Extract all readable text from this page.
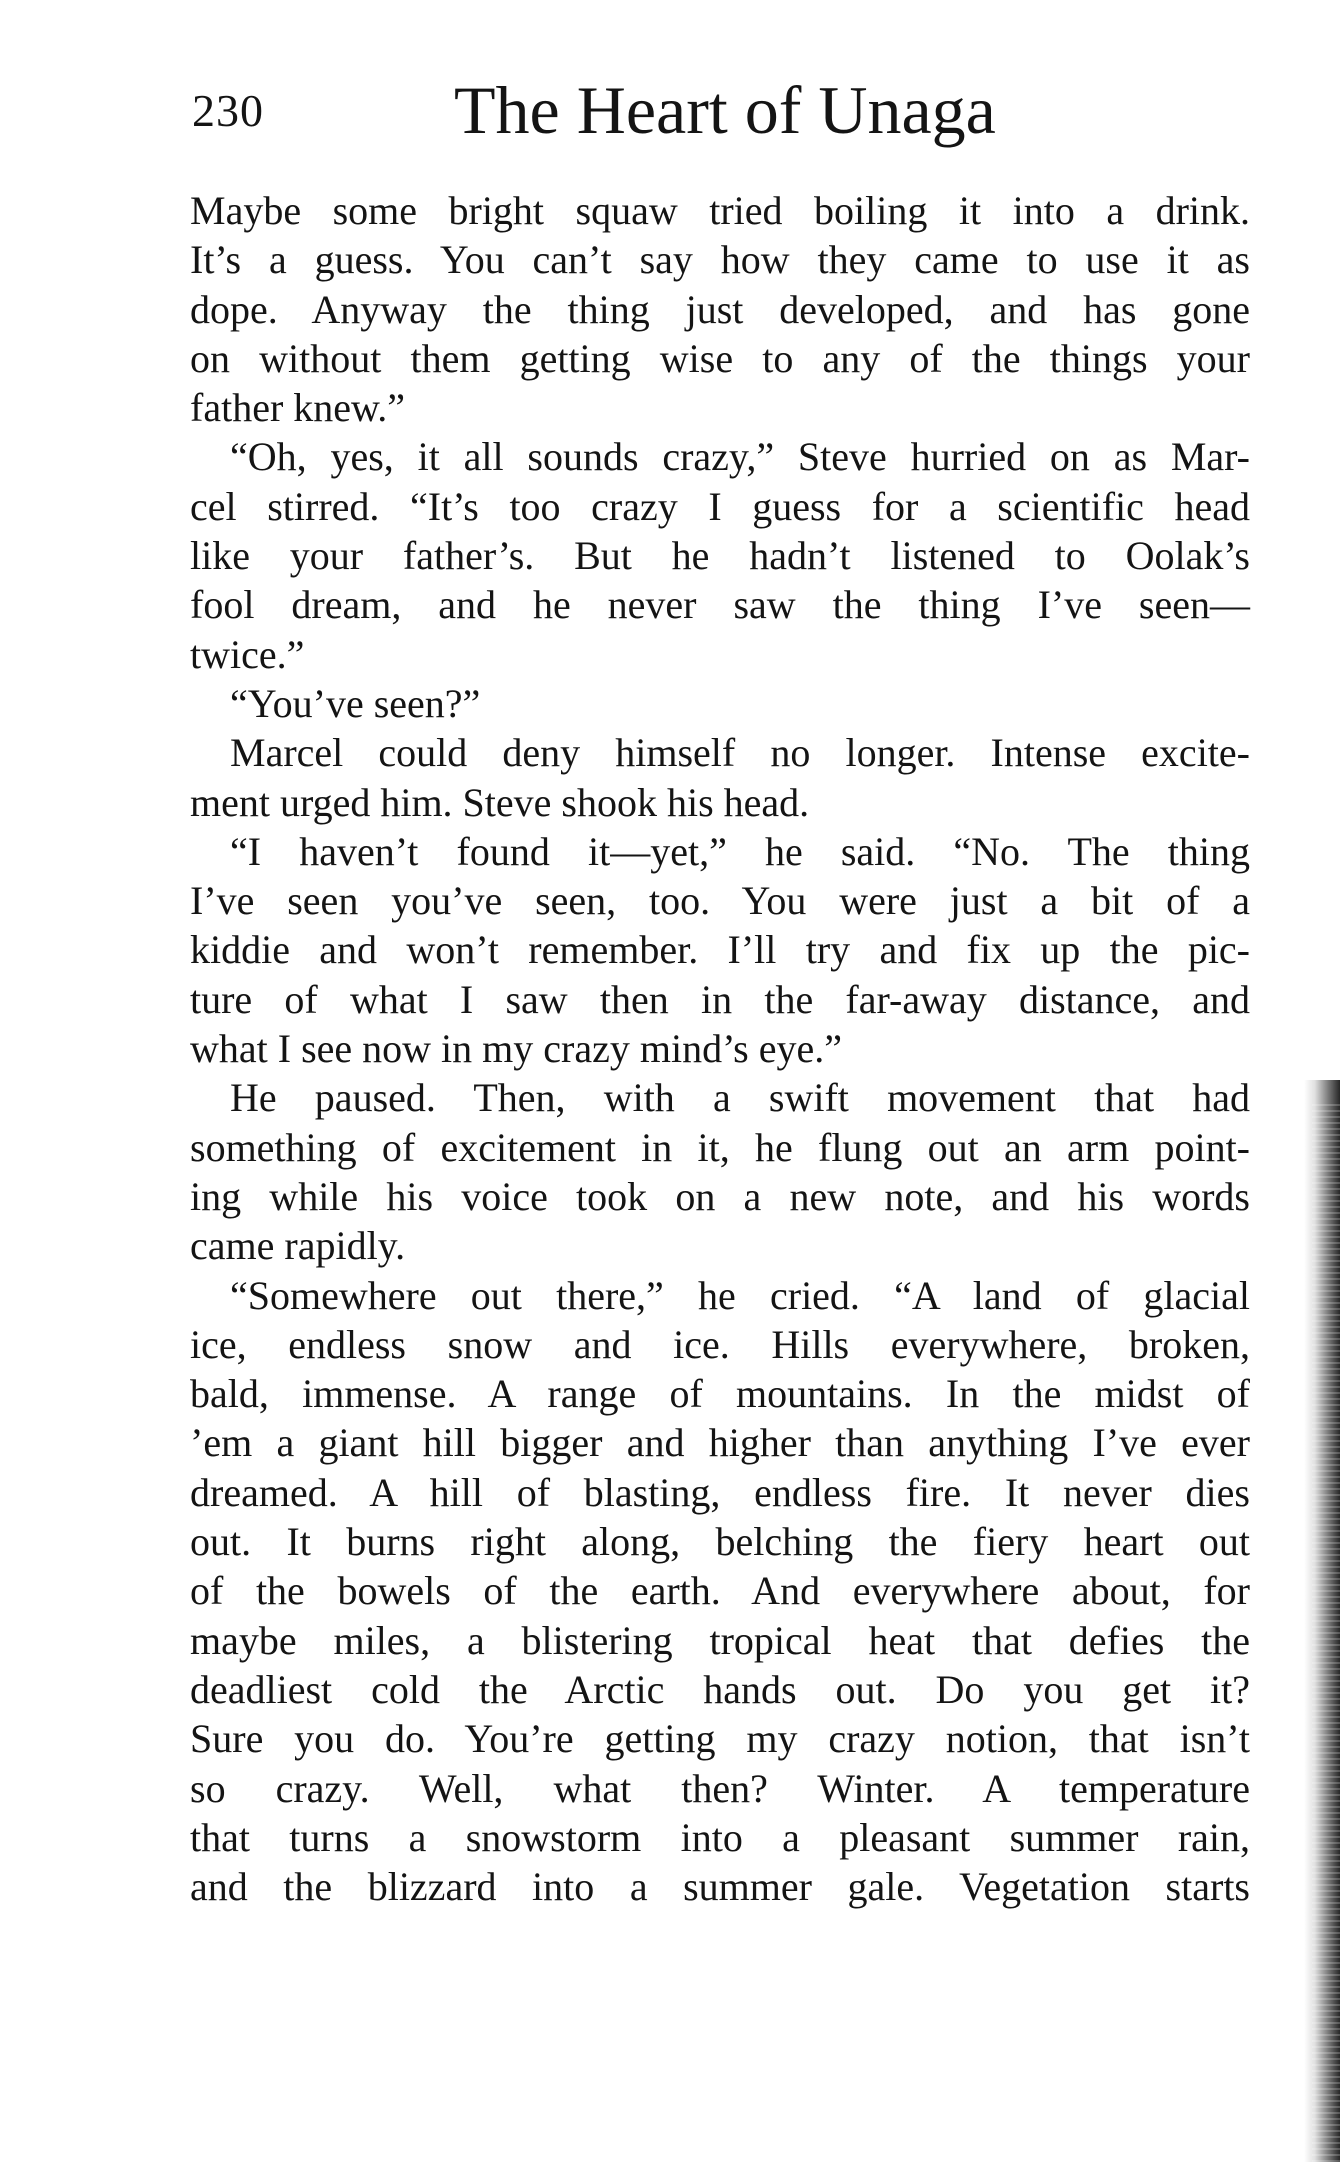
230	The Heart of Unaga
Maybe some bright squaw tried boiling it into a drink.
It’s a guess. You can’t say how they came to use it as
dope. Anyway the thing just developed, and has gone
on without them getting wise to any of the things your
father knew.”
“Oh, yes, it all sounds crazy,” Steve hurried on as Mar-
cel stirred. “It’s too crazy I guess for a scientific head
like your father’s. But he hadn’t listened to Oolak’s
fool dream, and he never saw the thing I’ve seen—
twice.”
“You’ve seen?”
Marcel could deny himself no longer. Intense excite-
ment urged him. Steve shook his head.
“I haven’t found it—yet,” he said. “No. The thing
I’ve seen you’ve seen, too. You were just a bit of a
kiddie and won’t remember. I’ll try and fix up the pic-
ture of what I saw then in the far-away distance, and
what I see now in my crazy mind’s eye.”
He paused. Then, with a swift movement that had
something of excitement in it, he flung out an arm point-
ing while his voice took on a new note, and his words
came rapidly.
“Somewhere out there,” he cried. “A land of glacial
ice, endless snow and ice. Hills everywhere, broken,
bald, immense. A range of mountains. In the midst of
’em a giant hill bigger and higher than anything I’ve ever
dreamed. A hill of blasting, endless fire. It never dies
out. It burns right along, belching the fiery heart out
of the bowels of the earth. And everywhere about, for
maybe miles, a blistering tropical heat that defies the
deadliest cold the Arctic hands out. Do you get it?
Sure you do. You’re getting my crazy notion, that isn’t
so crazy. Well, what then? Winter. A temperature
that turns a snowstorm into a pleasant summer rain,
and the blizzard into a summer gale. Vegetation starts
